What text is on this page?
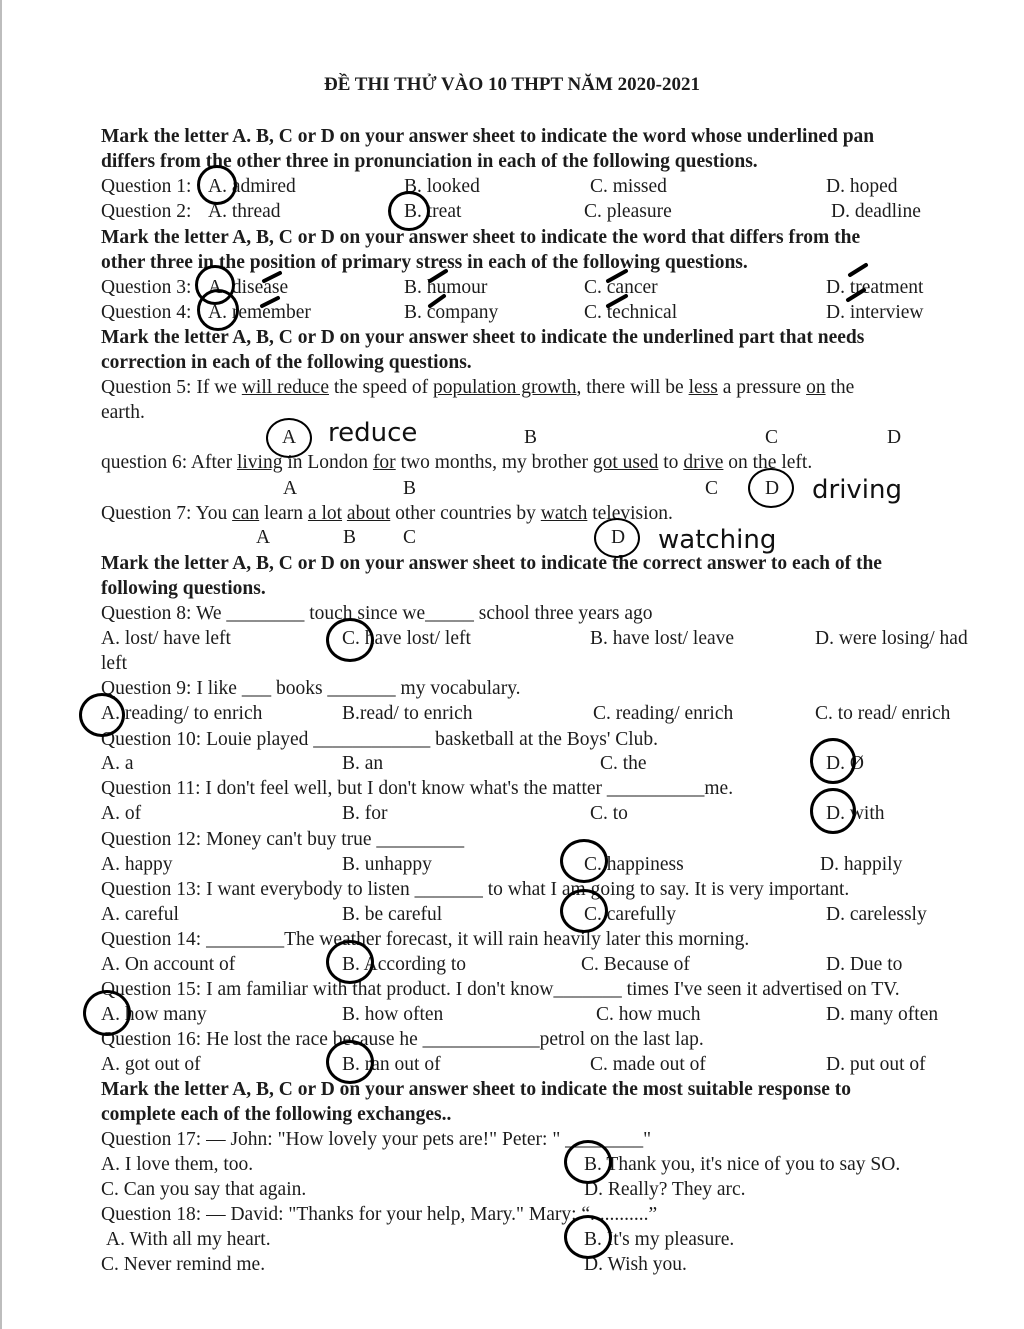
ĐỀ THI THỬ VÀO 10 THPT NĂM 2020-2021
Mark the letter A. B, C or D on your answer sheet to indicate the word whose underlined pan
differs from the other three in pronunciation in each of the following questions.
Question 1: A. admired	B. looked	C. missed	D. hoped
Question 2: A. thread	B. treat	C. pleasure	D. deadline
Mark the letter A, B, C or D on your answer sheet to indicate the word that differs from the
other three in the position of primary stress in each of the following questions.
Question 3: A. disease	B. humour	C. cancer	D. treatment
Question 4: A. remember	B. company	C. technical	D. interview
Mark the letter A, B, C or D on your answer sheet to indicate the underlined part that needs
correction in each of the following questions.
Question 5: If we will reduce the speed of population growth, there will be less a pressure on the
earth.
A reduce	B	C	D
question 6: After living in London for two months, my brother got used to drive on the left.
A	B	C D driving
Question 7: You can learn a lot about other countries by watch television.
A	B C	D watching
Mark the letter A, B, C or D on your answer sheet to indicate the correct answer to each of the
following questions.
Question 8: We ________ touch since we_____ school three years ago
A. lost/ have left	C. have lost/ left	B. have lost/ leave	D. were losing/ had
left
Question 9: I like ___ books _______ my vocabulary.
A. reading/ to enrich	B.read/ to enrich	C. reading/ enrich	C. to read/ enrich
Question 10: Louie played ____________ basketball at the Boys' Club.
A. a	B. an	C. the	D. Ø
Question 11: I don't feel well, but I don't know what's the matter __________me.
A. of	B. for	C. to	D. with
Question 12: Money can't buy true _________
A. happy	B. unhappy	C. happiness	D. happily
Question 13: I want everybody to listen _______ to what I am going to say. It is very important.
A. careful	B. be careful	C. carefully	D. carelessly
Question 14: ________The weather forecast, it will rain heavily later this morning.
A. On account of	B. According to	C. Because of	D. Due to
Question 15: I am familiar with that product. I don't know_______ times I've seen it advertised on TV.
A. how many	B. how often	C. how much	D. many often
Question 16: He lost the race because he ____________petrol on the last lap.
A. got out of	B. ran out of	C. made out of	D. put out of
Mark the letter A, B, C or D on your answer sheet to indicate the most suitable response to
complete each of the following exchanges..
Question 17: — John: "How lovely your pets are!" Peter: " ________"
A. I love them, too.	B. Thank you, it's nice of you to say SO.
C. Can you say that again.	D. Really? They arc.
Question 18: — David: "Thanks for your help, Mary." Mary: “............”
A. With all my heart.	B. It's my pleasure.
C. Never remind me.	D. Wish you.
